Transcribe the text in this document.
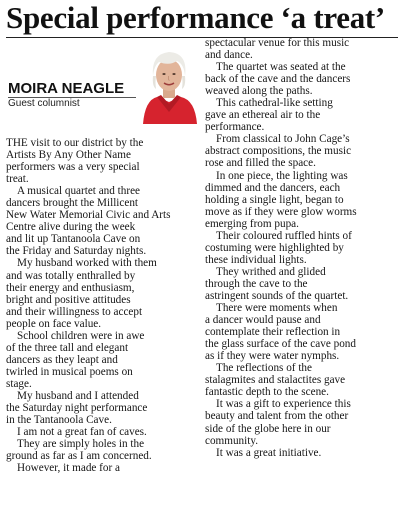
Special performance ‘a treat’
MOIRA NEAGLE
Guest columnist

THE visit to our district by the
Artists By Any Other Name
performers was a very special
treat.

A musical quartet and three
dancers brought the Millicent
New Water Memorial Civic and Arts
Centre alive during the week
and lit up Tantanoola Cave on
the Friday and Saturday nights.

My husband worked with them
and was totally enthralled by
their energy and enthusiasm,
bright and positive attitudes
and their willingness to accept
people on face value.

School children were in awe
of the three tall and elegant
dancers as they leapt and
twirled in musical poems on
stage.

My husband and I attended
the Saturday night performance
in the Tantanoola Cave.

I am not a great fan of caves.

They are simply holes in the
ground as far as I am concerned.

However, it made for a

spectacular venue for this music
and dance.

The quartet was seated at the
back of the cave and the dancers
weaved along the paths.

This cathedral-like setting
gave an ethereal air to the
performance.

From classical to John Cage’s
abstract compositions, the music
rose and filled the space.

In one piece, the lighting was
dimmed and the dancers, each
holding a single light, began to
move as if they were glow worms
emerging from pupa.

Their coloured ruffled hints of
costuming were highlighted by
these individual lights.

They writhed and glided
through the cave to the
astringent sounds of the quartet.

There were moments when
a dancer would pause and
contemplate their reflection in
the glass surface of the cave pond
as if they were water nymphs.

The reflections of the
stalagmites and stalactites gave
fantastic depth to the scene.

It was a gift to experience this
beauty and talent from the other
side of the globe here in our
community.

It was a great initiative.
